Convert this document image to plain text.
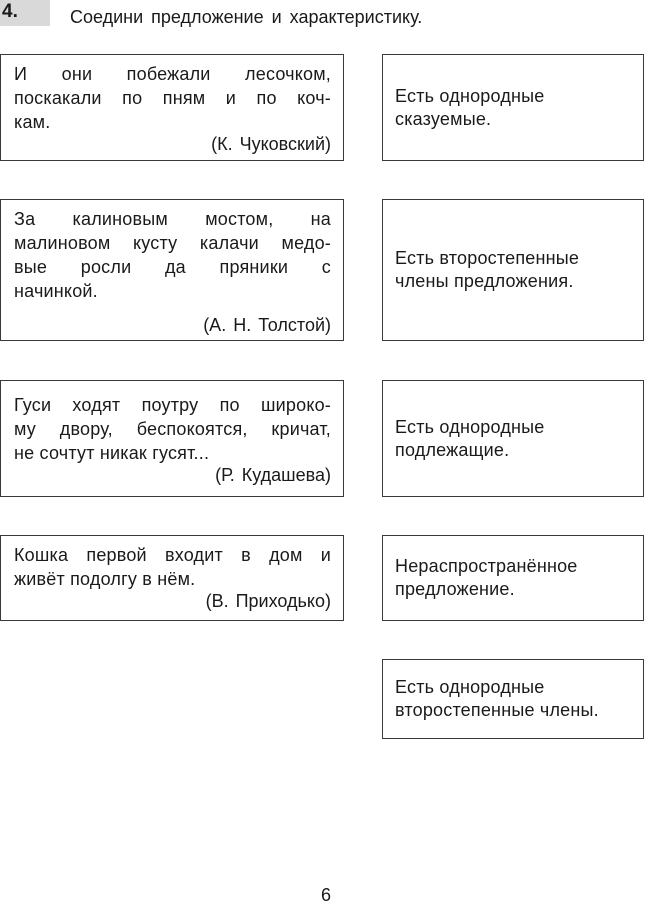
4.	Соедини предложение и характеристику.
И они побежали лесочком,
поскакали по пням и по коч-
кам.
(К. Чуковский)
За калиновым мостом, на
малиновом кусту калачи медо-
вые росли да пряники с
начинкой.
(А. Н. Толстой)
Гуси ходят поутру по широко-
му двору, беспокоятся, кричат,
не сочтут никак гусят...
(Р. Кудашева)
Кошка первой входит в дом и
живёт подолгу в нём.
(В. Приходько)
Есть однородные
сказуемые.
Есть второстепенные
члены предложения.
Есть однородные
подлежащие.
Нераспространённое
предложение.
Есть однородные
второстепенные члены.
6
